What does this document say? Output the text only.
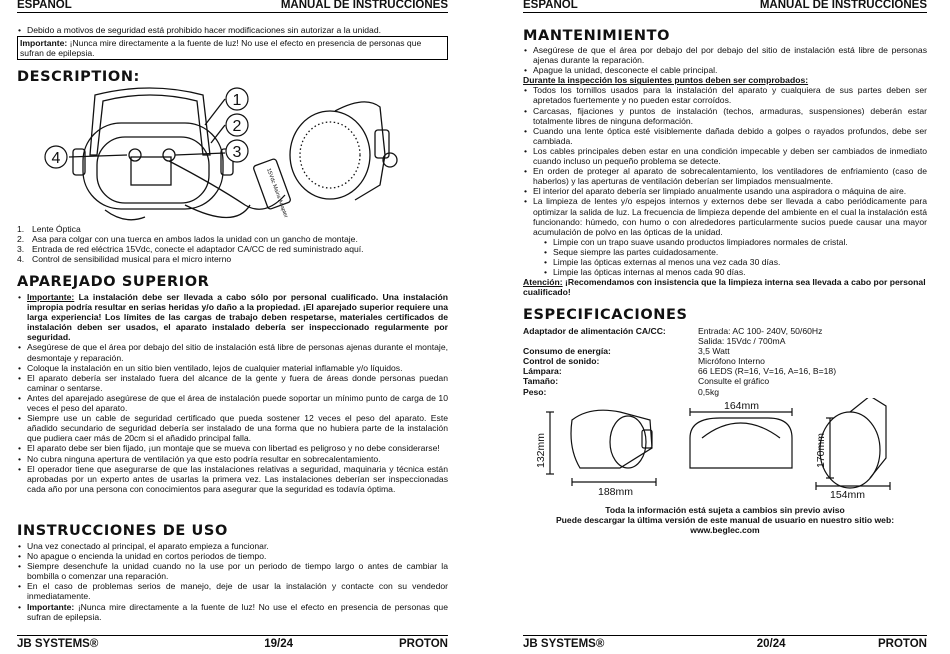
ESPAÑOL	MANUAL DE INSTRUCCIONES
• Debido a motivos de seguridad está prohibido hacer modificaciones sin autorizar a la unidad.
Importante: ¡Nunca mire directamente a la fuente de luz! No use el efecto en presencia de personas que sufran de epilepsia.
DESCRIPTION:
4
1
2
3
15Vdc Mains Adapter
1. Lente Óptica
2. Asa para colgar con una tuerca en ambos lados la unidad con un gancho de montaje.
3. Entrada de red eléctrica 15Vdc, conecte el adaptador CA/CC de red suministrado aquí.
4. Control de sensibilidad musical para el micro interno
APAREJADO SUPERIOR
• Importante: La instalación debe ser llevada a cabo sólo por personal cualificado. Una instalación impropia podría resultar en serias heridas y/o daño a la propiedad. ¡El aparejado superior requiere una larga experiencia! Los límites de las cargas de trabajo deben respetarse, materiales certificados de instalación deben ser usados, el aparato instalado debería ser inspeccionado regularmente por seguridad.
• Asegúrese de que el área por debajo del sitio de instalación está libre de personas ajenas durante el montaje, desmontaje y reparación.
• Coloque la instalación en un sitio bien ventilado, lejos de cualquier material inflamable y/o líquidos.
• El aparato debería ser instalado fuera del alcance de la gente y fuera de áreas donde personas puedan caminar o sentarse.
• Antes del aparejado asegúrese de que el área de instalación puede soportar un mínimo punto de carga de 10 veces el peso del aparato.
• Siempre use un cable de seguridad certificado que pueda sostener 12 veces el peso del aparato. Este añadido secundario de seguridad debería ser instalado de una forma que no hubiera parte de la instalación que pudiera caer más de 20cm si el añadido principal falla.
• El aparato debe ser bien fijado, ¡un montaje que se mueva con libertad es peligroso y no debe considerarse!
• No cubra ninguna apertura de ventilación ya que esto podría resultar en sobrecalentamiento.
• El operador tiene que asegurarse de que las instalaciones relativas a seguridad, maquinaria y técnica están aprobadas por un experto antes de usarlas la primera vez. Las instalaciones deberían ser inspeccionadas cada año por una persona con conocimientos para asegurar que la seguridad es todavía óptima.
INSTRUCCIONES DE USO
• Una vez conectado al principal, el aparato empieza a funcionar.
• No apague o encienda la unidad en cortos periodos de tiempo.
• Siempre desenchufe la unidad cuando no la use por un periodo de tiempo largo o antes de cambiar la bombilla o comenzar una reparación.
• En el caso de problemas serios de manejo, deje de usar la instalación y contacte con su vendedor inmediatamente.
• Importante: ¡Nunca mire directamente a la fuente de luz! No use el efecto en presencia de personas que sufran de epilepsia.
JB SYSTEMS®	19/24	PROTON
ESPAÑOL	MANUAL DE INSTRUCCIONES
MANTENIMIENTO
• Asegúrese de que el área por debajo del por debajo del sitio de instalación está libre de personas ajenas durante la reparación.
• Apague la unidad, desconecte el cable principal.
Durante la inspección los siguientes puntos deben ser comprobados:
• Todos los tornillos usados para la instalación del aparato y cualquiera de sus partes deben ser apretados fuertemente y no pueden estar corroídos.
• Carcasas, fijaciones y puntos de instalación (techos, armaduras, suspensiones) deberán estar totalmente libres de ninguna deformación.
• Cuando una lente óptica esté visiblemente dañada debido a golpes o rayados profundos, debe ser cambiada.
• Los cables principales deben estar en una condición impecable y deben ser cambiados de inmediato cuando incluso un pequeño problema se detecte.
• En orden de proteger al aparato de sobrecalentamiento, los ventiladores de enfriamiento (caso de haberlos) y las aperturas de ventilación deberían ser limpiados mensualmente.
• El interior del aparato debería ser limpiado anualmente usando una aspiradora o máquina de aire.
• La limpieza de lentes y/o espejos internos y externos debe ser llevada a cabo periódicamente para optimizar la salida de luz. La frecuencia de limpieza depende del ambiente en el cual la instalación está funcionando: húmedo, con humo o con alrededores particularmente sucios puede causar una mayor acumulación de polvo en las ópticas de la unidad.
• Limpie con un trapo suave usando productos limpiadores normales de cristal.
• Seque siempre las partes cuidadosamente.
• Limpie las ópticas externas al menos una vez cada 30 días.
• Limpie las ópticas internas al menos cada 90 días.
Atención: ¡Recomendamos con insistencia que la limpieza interna sea llevada a cabo por personal cualificado!
ESPECIFICACIONES
Adaptador de alimentación CA/CC:	Entrada: AC 100- 240V, 50/60Hz
Salida: 15Vdc / 700mA
Consumo de energía:	3,5 Watt
Control de sonido:	Micrófono Interno
Lámpara:	66 LEDS (R=16, V=16, A=16, B=18)
Tamaño:	Consulte el gráfico
Peso:	0,5kg
132mm
188mm
164mm
170mm
154mm
Toda la información está sujeta a cambios sin previo aviso
Puede descargar la última versión de este manual de usuario en nuestro sitio web: www.beglec.com
JB SYSTEMS®	20/24	PROTON
